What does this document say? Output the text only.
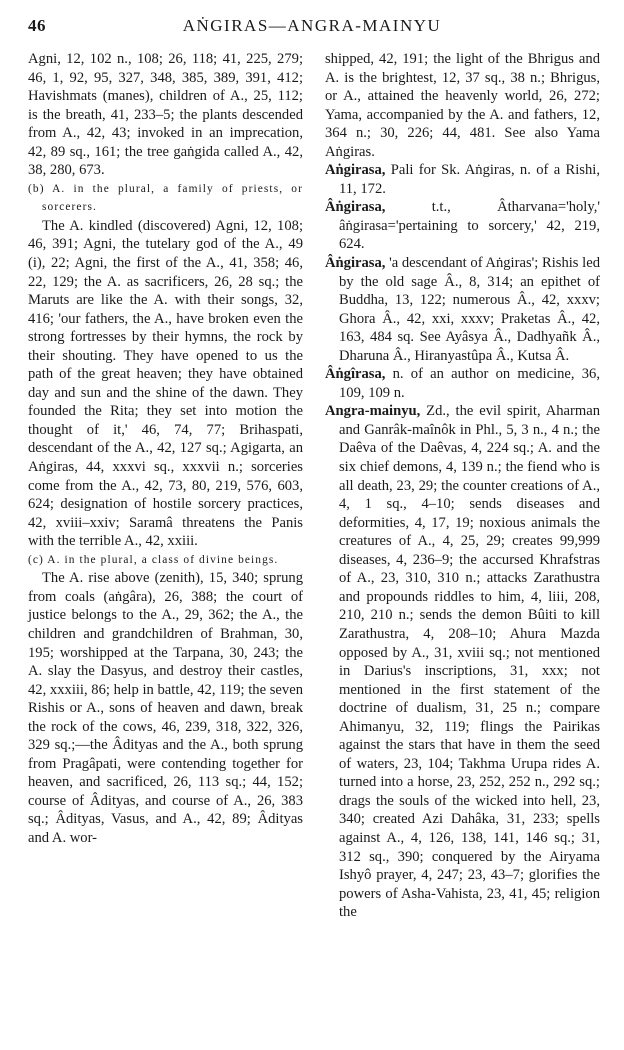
46	AṄGIRAS—ANGRA-MAINYU

Agni, 12, 102 n., 108; 26, 118; 41, 225, 279; 46, 1, 92, 95, 327, 348, 385, 389, 391, 412; Havishmats (manes), children of A., 25, 112; is the breath, 41, 233–5; the plants descended from A., 42, 43; invoked in an imprecation, 42, 89 sq., 161; the tree gaṅgida called A., 42, 38, 280, 673.

(b) A. in the plural, a family of priests, or sorcerers.

The A. kindled (discovered) Agni, 12, 108; 46, 391; Agni, the tutelary god of the A., 49 (i), 22; Agni, the first of the A., 41, 358; 46, 22, 129; the A. as sacrificers, 26, 28 sq.; the Maruts are like the A. with their songs, 32, 416; 'our fathers, the A., have broken even the strong fortresses by their hymns, the rock by their shouting. They have opened to us the path of the great heaven; they have obtained day and sun and the shine of the dawn. They founded the Rita; they set into motion the thought of it,' 46, 74, 77; Brihaspati, descendant of the A., 42, 127 sq.; Agigarta, an Aṅgiras, 44, xxxvi sq., xxxvii n.; sorceries come from the A., 42, 73, 80, 219, 576, 603, 624; designation of hostile sorcery practices, 42, xviii–xxiv; Saramâ threatens the Panis with the terrible A., 42, xxiii.

(c) A. in the plural, a class of divine beings.

The A. rise above (zenith), 15, 340; sprung from coals (aṅgâra), 26, 388; the court of justice belongs to the A., 29, 362; the A., the children and grandchildren of Brahman, 30, 195; worshipped at the Tarpana, 30, 243; the A. slay the Dasyus, and destroy their castles, 42, xxxiii, 86; help in battle, 42, 119; the seven Rishis or A., sons of heaven and dawn, break the rock of the cows, 46, 239, 318, 322, 326, 329 sq.;—the Âdityas and the A., both sprung from Pragâpati, were contending together for heaven, and sacrificed, 26, 113 sq.; 44, 152; course of Âdityas, and course of A., 26, 383 sq.; Âdityas, Vasus, and A., 42, 89; Âdityas and A. wor-

shipped, 42, 191; the light of the Bhrigus and A. is the brightest, 12, 37 sq., 38 n.; Bhrigus, or A., attained the heavenly world, 26, 272; Yama, accompanied by the A. and fathers, 12, 364 n.; 30, 226; 44, 481. See also Yama Aṅgiras.

Aṅgirasa, Pali for Sk. Aṅgiras, n. of a Rishi, 11, 172.

Âṅgirasa,	t.t., Âtharvana='holy,' âṅgirasa='pertaining to sorcery,' 42, 219, 624.

Âṅgirasa, 'a descendant of Aṅgiras'; Rishis led by the old sage Â., 8, 314; an epithet of Buddha, 13, 122; numerous Â., 42, xxxv; Ghora Â., 42, xxi, xxxv; Praketas Â., 42, 163, 484 sq. See Ayâsya Â., Dadhyañk Â., Dharuna Â., Hiranyastûpa Â., Kutsa Â.

Âṅgîrasa, n. of an author on medicine, 36, 109, 109 n.

Angra-mainyu, Zd., the evil spirit, Aharman and Ganrâk-maînôk in Phl., 5, 3 n., 4 n.; the Daêva of the Daêvas, 4, 224 sq.; A. and the six chief demons, 4, 139 n.; the fiend who is all death, 23, 29; the counter creations of A., 4, 1 sq., 4–10; sends diseases and deformities, 4, 17, 19; noxious animals the creatures of A., 4, 25, 29; creates 99,999 diseases, 4, 236–9; the accursed Khrafstras of A., 23, 310, 310 n.; attacks Zarathustra and propounds riddles to him, 4, liii, 208, 210, 210 n.; sends the demon Bûiti to kill Zarathustra, 4, 208–10; Ahura Mazda opposed by A., 31, xviii sq.; not mentioned in Darius's inscriptions, 31, xxx; not mentioned in the first statement of the doctrine of dualism, 31, 25 n.; compare Ahimanyu, 32, 119; flings the Pairikas against the stars that have in them the seed of waters, 23, 104; Takhma Urupa rides A. turned into a horse, 23, 252, 252 n., 292 sq.; drags the souls of the wicked into hell, 23, 340; created Azi Dahâka, 31, 233; spells against A., 4, 126, 138, 141, 146 sq.; 31, 312 sq., 390; conquered by the Airyama Ishyô prayer, 4, 247; 23, 43–7; glorifies the powers of Asha-Vahista, 23, 41, 45; religion the
